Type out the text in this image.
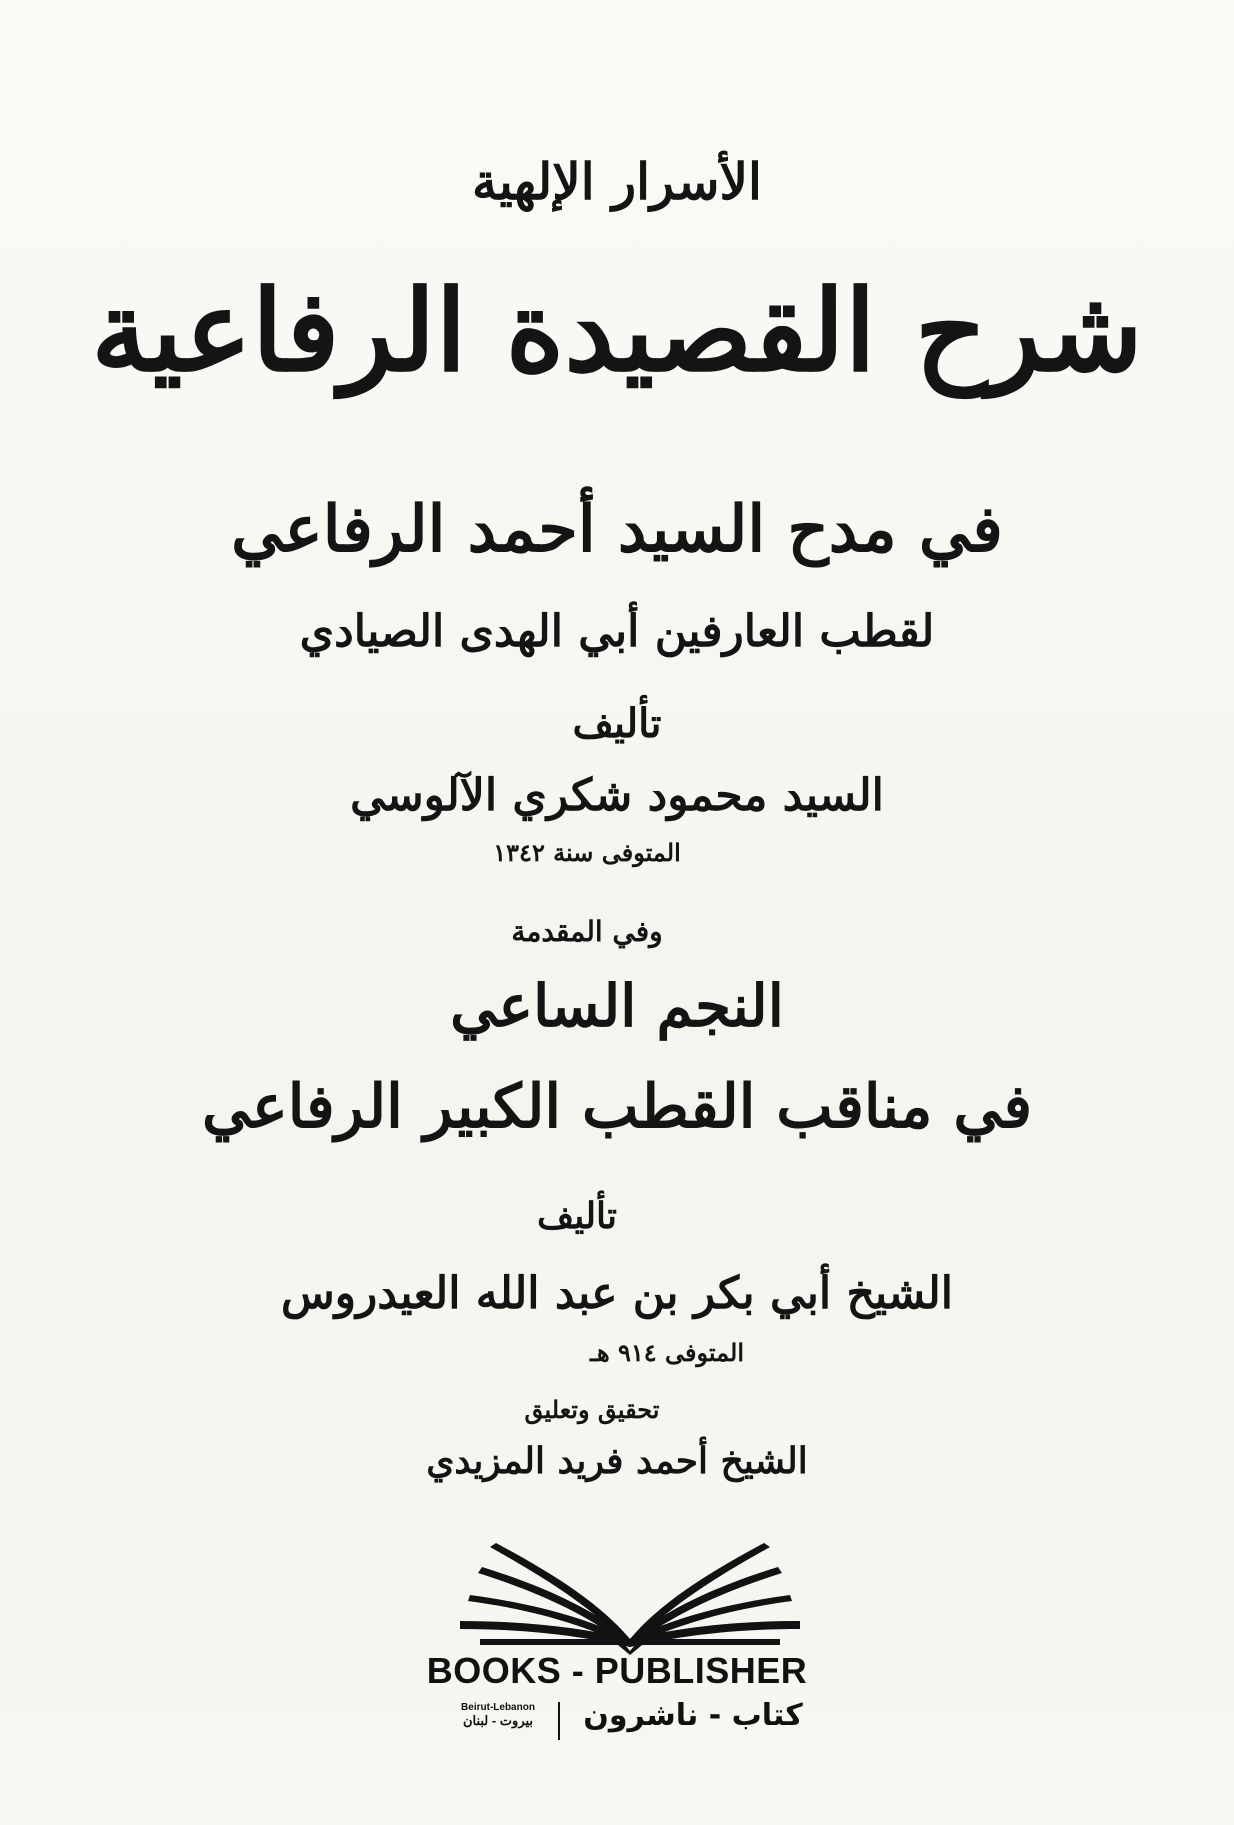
الأسرار الإلهية
شرح القصيدة الرفاعية
في مدح السيد أحمد الرفاعي
لقطب العارفين أبي الهدى الصيادي
تأليف
السيد محمود شكري الآلوسي
المتوفى سنة ١٣٤٢
وفي المقدمة
النجم الساعي
في مناقب القطب الكبير الرفاعي
تأليف
الشيخ أبي بكر بن عبد الله العيدروس
المتوفى ٩١٤ هـ
تحقيق وتعليق
الشيخ أحمد فريد المزيدي
BOOKS - PUBLISHER
Beirut-Lebanon
بيروت - لبنان	كتاب - ناشرون
